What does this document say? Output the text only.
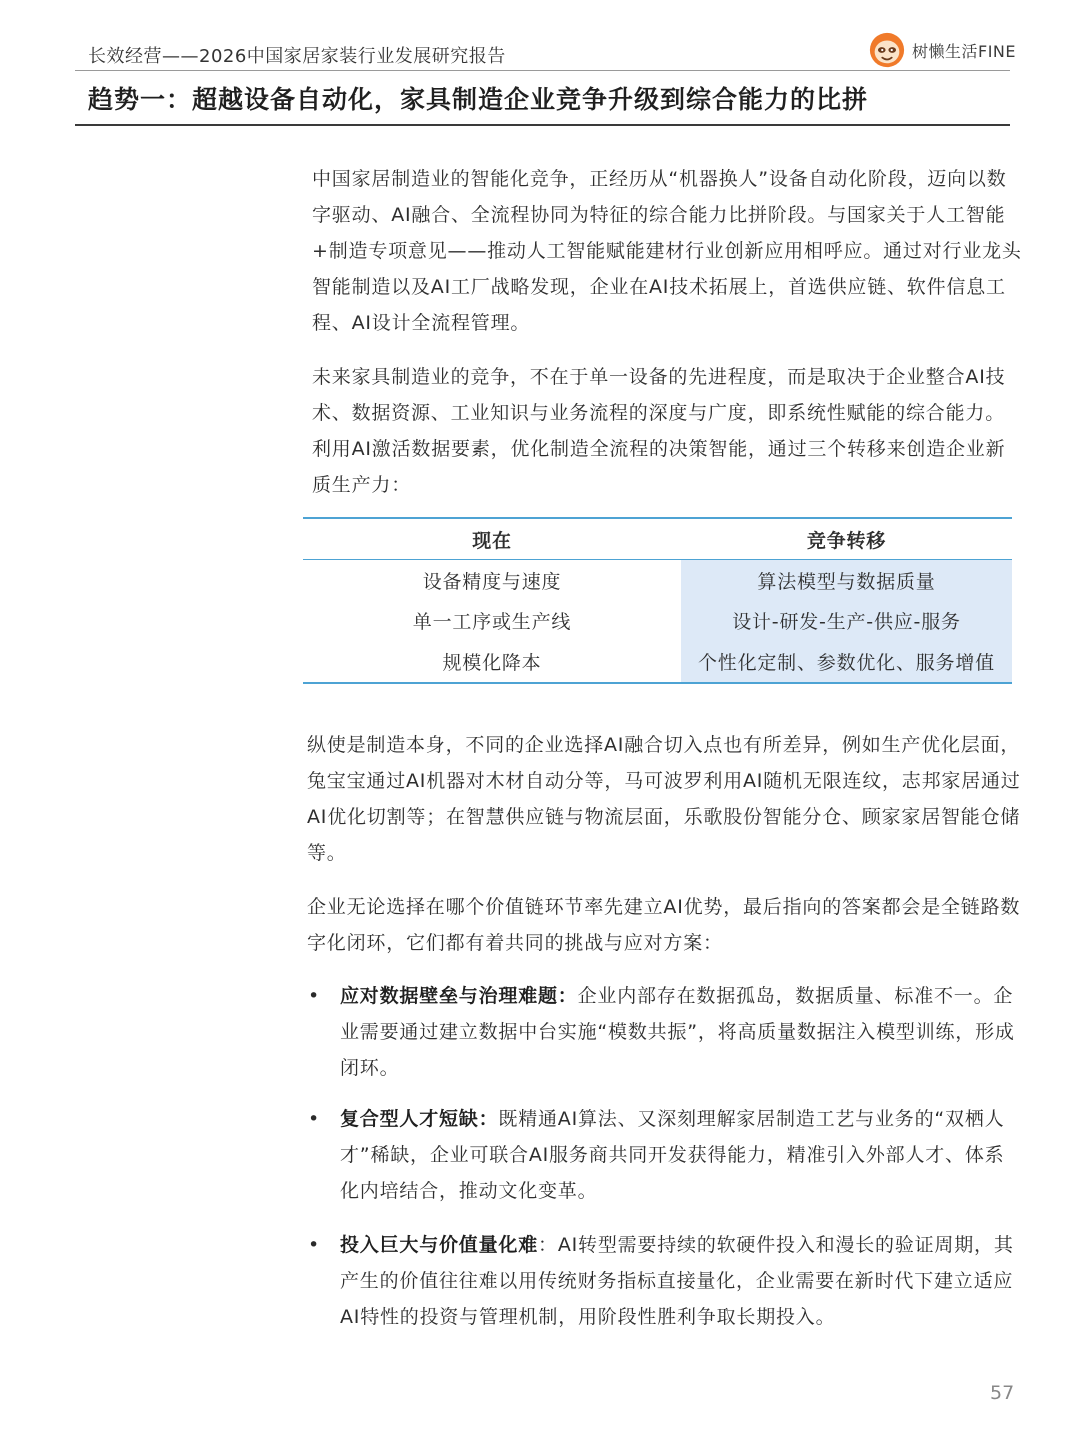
长效经营——2026中国家居家装行业发展研究报告	树懒生活FINE
趋势一：超越设备自动化，家具制造企业竞争升级到综合能力的比拼

中国家居制造业的智能化竞争，正经历从“机器换人”设备自动化阶段，迈向以数字驱动、AI融合、全流程协同为特征的综合能力比拼阶段。与国家关于人工智能+制造专项意见——推动人工智能赋能建材行业创新应用相呼应。通过对行业龙头智能制造以及AI工厂战略发现，企业在AI技术拓展上，首选供应链、软件信息工程、AI设计全流程管理。

未来家具制造业的竞争，不在于单一设备的先进程度，而是取决于企业整合AI技术、数据资源、工业知识与业务流程的深度与广度，即系统性赋能的综合能力。利用AI激活数据要素，优化制造全流程的决策智能，通过三个转移来创造企业新质生产力：

现在	竞争转移
设备精度与速度	算法模型与数据质量
单一工序或生产线	设计-研发-生产-供应-服务
规模化降本	个性化定制、参数优化、服务增值

纵使是制造本身，不同的企业选择AI融合切入点也有所差异，例如生产优化层面，兔宝宝通过AI机器对木材自动分等，马可波罗利用AI随机无限连纹，志邦家居通过AI优化切割等；在智慧供应链与物流层面，乐歌股份智能分仓、顾家家居智能仓储等。

企业无论选择在哪个价值链环节率先建立AI优势，最后指向的答案都会是全链路数字化闭环，它们都有着共同的挑战与应对方案：

• 应对数据壁垒与治理难题：企业内部存在数据孤岛，数据质量、标准不一。企业需要通过建立数据中台实施“模数共振”，将高质量数据注入模型训练，形成闭环。

• 复合型人才短缺：既精通AI算法、又深刻理解家居制造工艺与业务的“双栖人才”稀缺，企业可联合AI服务商共同开发获得能力，精准引入外部人才、体系化内培结合，推动文化变革。

• 投入巨大与价值量化难：AI转型需要持续的软硬件投入和漫长的验证周期，其产生的价值往往难以用传统财务指标直接量化，企业需要在新时代下建立适应AI特性的投资与管理机制，用阶段性胜利争取长期投入。

57
